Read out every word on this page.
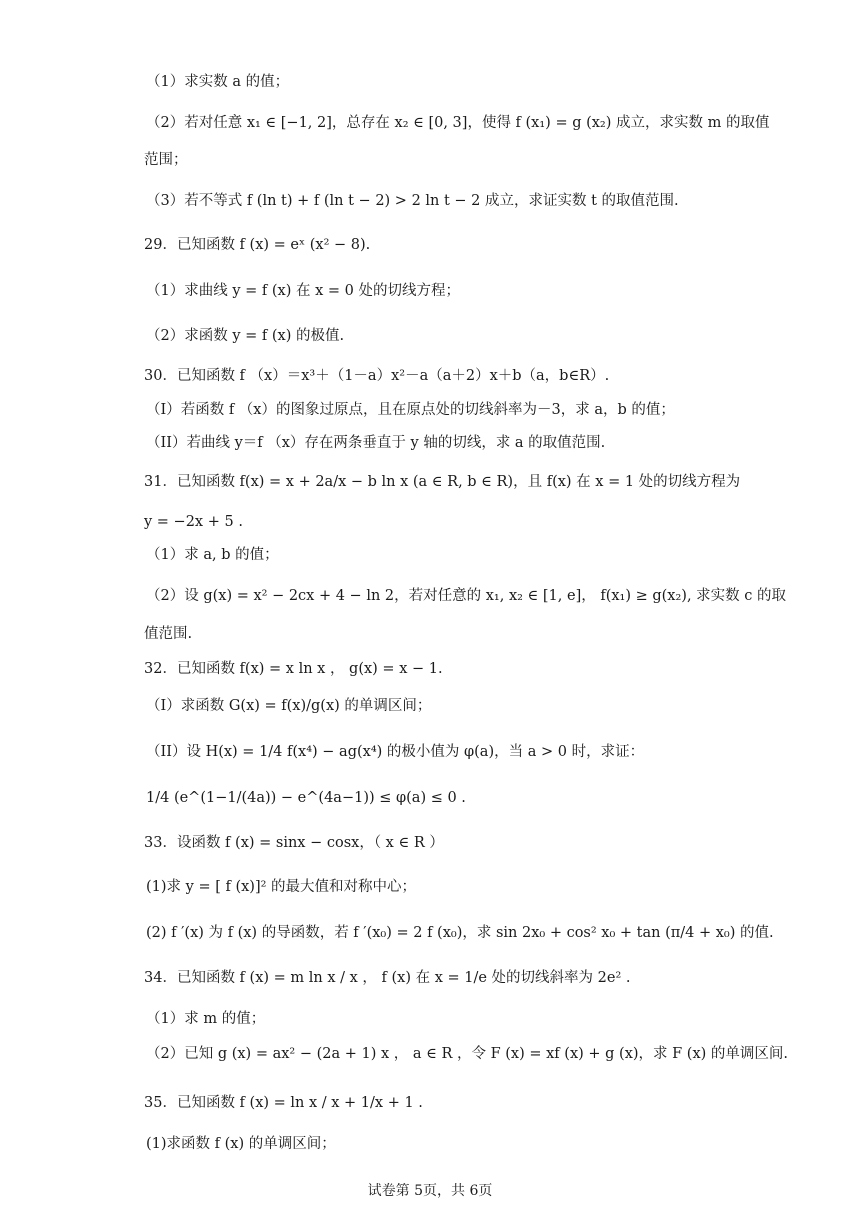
（1）求实数 a 的值；
（2）若对任意 x₁ ∈ [−1, 2]，总存在 x₂ ∈ [0, 3]，使得 f (x₁) = g (x₂) 成立，求实数 m 的取值
范围；
（3）若不等式 f (ln t) + f (ln t − 2) > 2 ln t − 2 成立，求证实数 t 的取值范围.
29．已知函数 f (x) = eˣ (x² − 8).
（1）求曲线 y = f (x) 在 x = 0 处的切线方程；
（2）求函数 y = f (x) 的极值.
30．已知函数 f （x）＝x³＋（1－a）x²－a（a＋2）x＋b（a，b∈R）.
（I）若函数 f （x）的图象过原点，且在原点处的切线斜率为－3，求 a，b 的值；
（II）若曲线 y＝f （x）存在两条垂直于 y 轴的切线，求 a 的取值范围.
31．已知函数 f(x) = x + 2a/x − b ln x (a ∈ R, b ∈ R)，且 f(x) 在 x = 1 处的切线方程为
y = −2x + 5 .
（1）求 a, b 的值；
（2）设 g(x) = x² − 2cx + 4 − ln 2，若对任意的 x₁, x₂ ∈ [1, e]， f(x₁) ≥ g(x₂), 求实数 c 的取
值范围.
32．已知函数 f(x) = x ln x ， g(x) = x − 1.
（I）求函数 G(x) = f(x)/g(x) 的单调区间；
（II）设 H(x) = 1/4 f(x⁴) − ag(x⁴) 的极小值为 φ(a)，当 a > 0 时，求证：
1/4 (e^(1−1/(4a)) − e^(4a−1)) ≤ φ(a) ≤ 0 .
33．设函数 f (x) = sinx − cosx，（ x ∈ R ）
(1)求 y = [ f (x)]² 的最大值和对称中心；
(2) f ′(x) 为 f (x) 的导函数，若 f ′(x₀) = 2 f (x₀)，求 sin 2x₀ + cos² x₀ + tan (π/4 + x₀) 的值.
34．已知函数 f (x) = m ln x / x ， f (x) 在 x = 1/e 处的切线斜率为 2e² .
（1）求 m 的值；
（2）已知 g (x) = ax² − (2a + 1) x ， a ∈ R ，令 F (x) = xf (x) + g (x)，求 F (x) 的单调区间.
35．已知函数 f (x) = ln x / x + 1/x + 1 .
(1)求函数 f (x) 的单调区间；
试卷第 5页，共 6页
